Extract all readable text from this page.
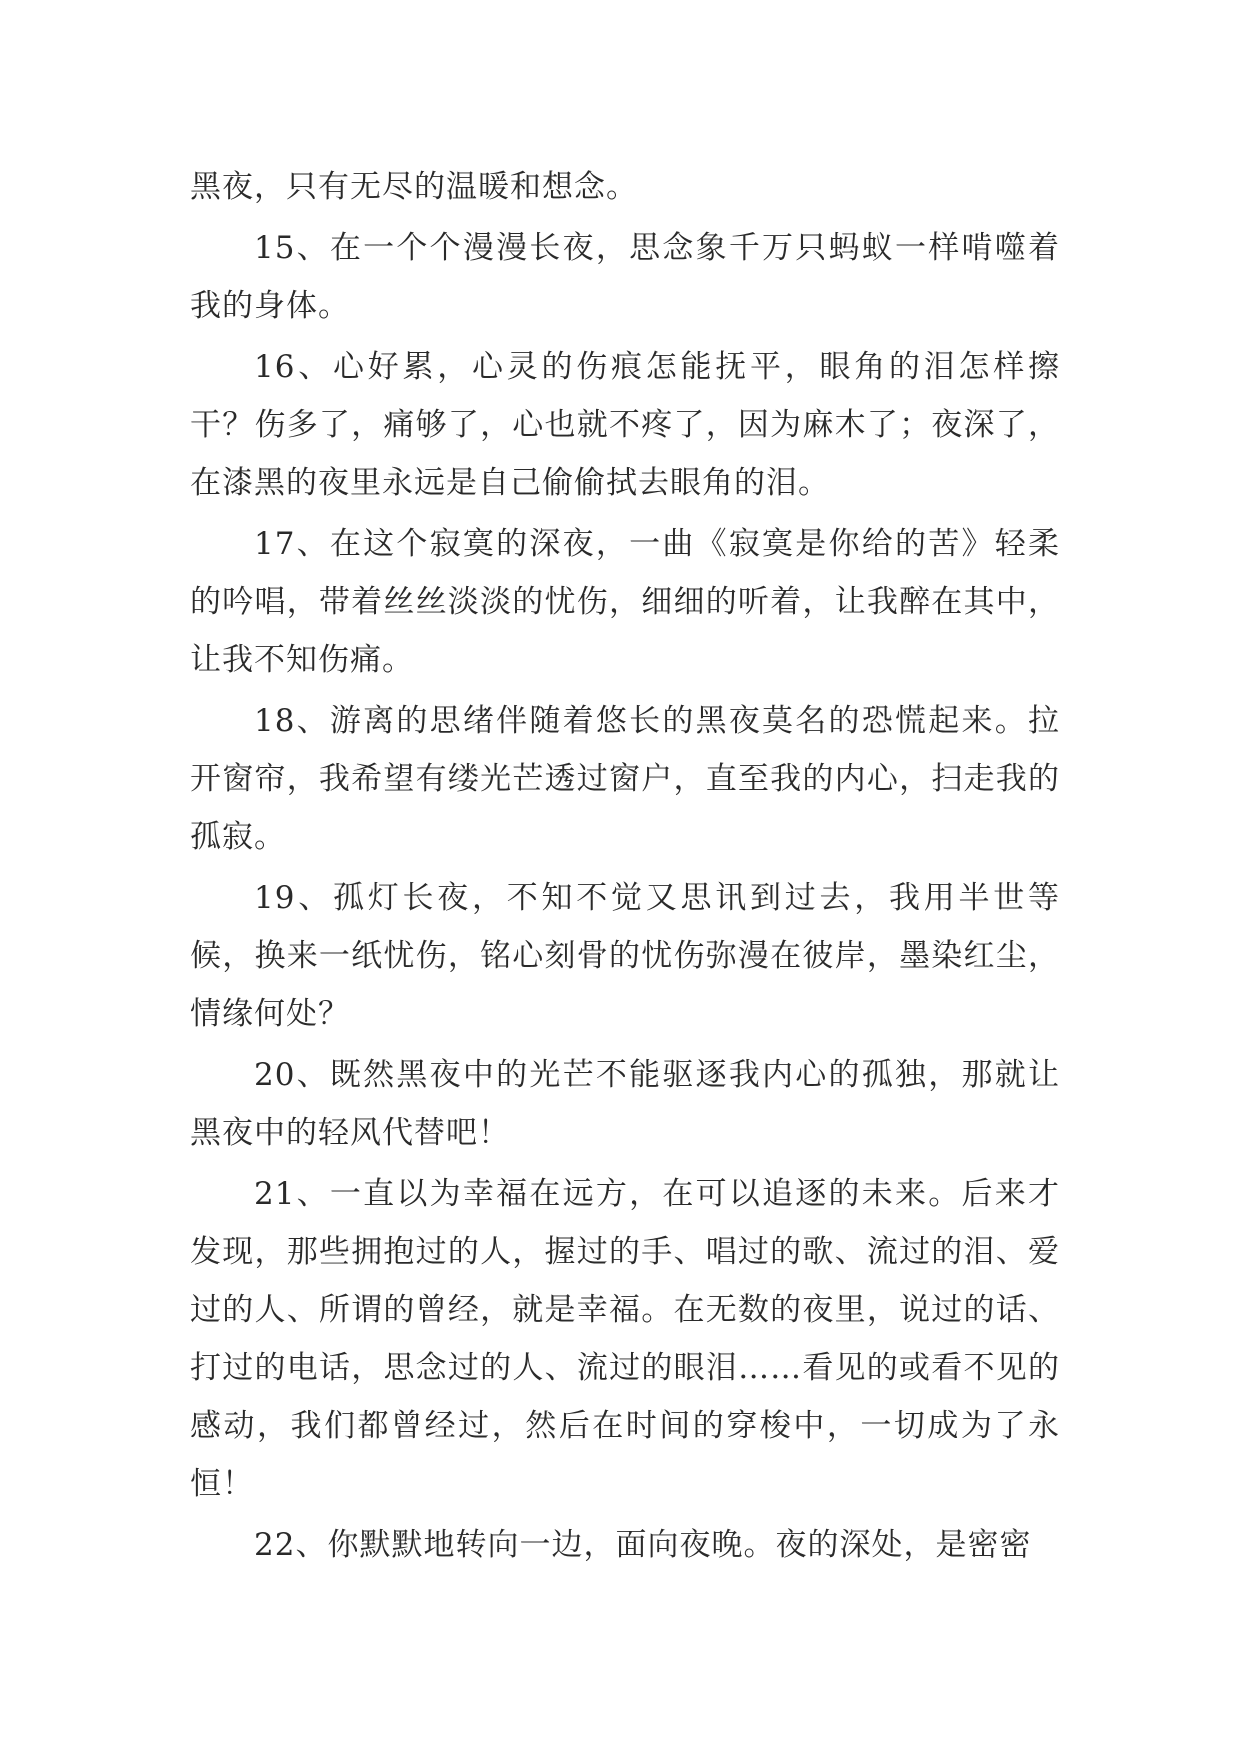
黑夜，只有无尽的温暖和想念。

15、在一个个漫漫长夜，思念象千万只蚂蚁一样啃噬着我的身体。

16、心好累，心灵的伤痕怎能抚平，眼角的泪怎样擦干？伤多了，痛够了，心也就不疼了，因为麻木了；夜深了，在漆黑的夜里永远是自己偷偷拭去眼角的泪。

17、在这个寂寞的深夜，一曲《寂寞是你给的苦》轻柔的吟唱，带着丝丝淡淡的忧伤，细细的听着，让我醉在其中，让我不知伤痛。

18、游离的思绪伴随着悠长的黑夜莫名的恐慌起来。拉开窗帘，我希望有缕光芒透过窗户，直至我的内心，扫走我的孤寂。

19、孤灯长夜，不知不觉又思讯到过去，我用半世等候，换来一纸忧伤，铭心刻骨的忧伤弥漫在彼岸，墨染红尘，情缘何处？

20、既然黑夜中的光芒不能驱逐我内心的孤独，那就让黑夜中的轻风代替吧！

21、一直以为幸福在远方，在可以追逐的未来。后来才发现，那些拥抱过的人，握过的手、唱过的歌、流过的泪、爱过的人、所谓的曾经，就是幸福。在无数的夜里，说过的话、打过的电话，思念过的人、流过的眼泪……看见的或看不见的感动，我们都曾经过，然后在时间的穿梭中，一切成为了永恒！

22、你默默地转向一边，面向夜晚。夜的深处，是密密
